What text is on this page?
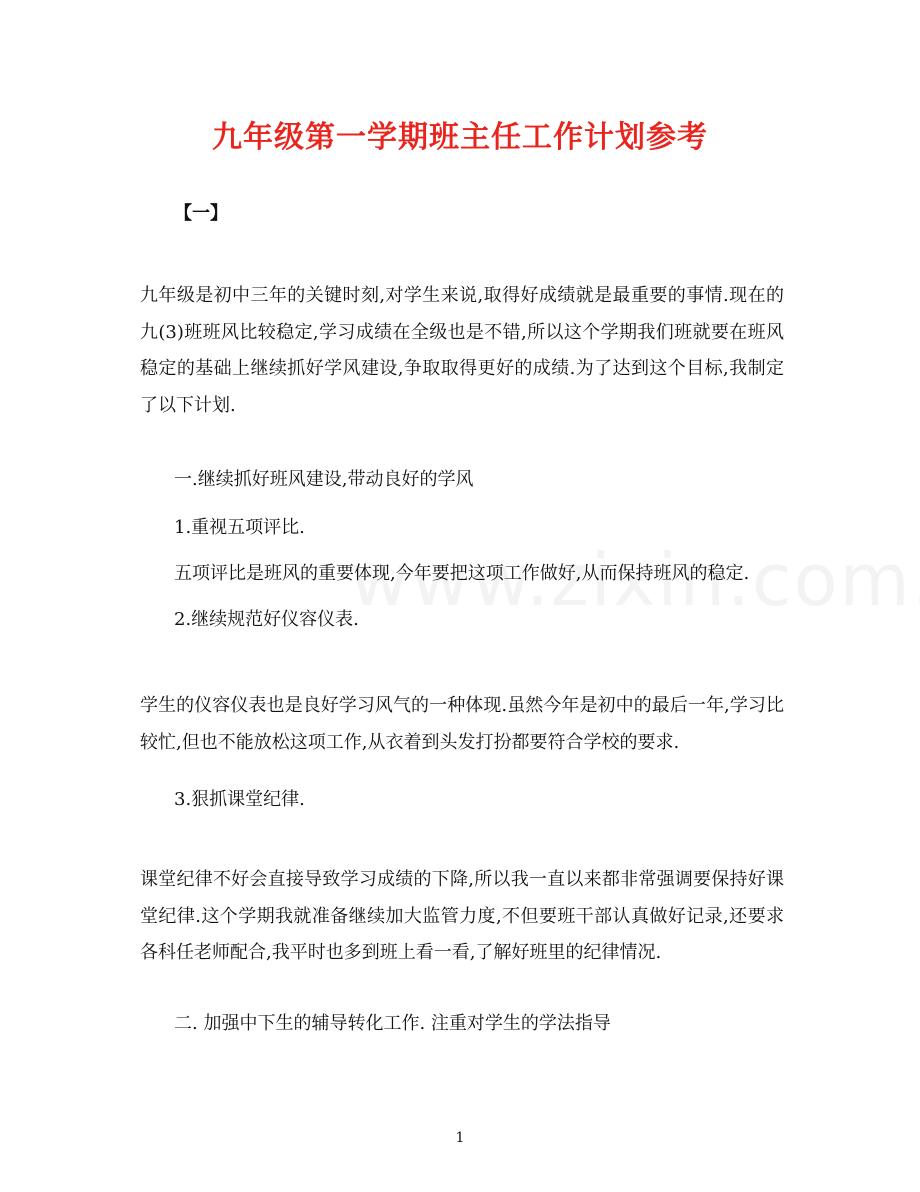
九年级第一学期班主任工作计划参考
【一】
九年级是初中三年的关键时刻,对学生来说,取得好成绩就是最重要的事情.现在的九(3)班班风比较稳定,学习成绩在全级也是不错,所以这个学期我们班就要在班风稳定的基础上继续抓好学风建设,争取取得更好的成绩.为了达到这个目标,我制定了以下计划.
一.继续抓好班风建设,带动良好的学风
1.重视五项评比.
五项评比是班风的重要体现,今年要把这项工作做好,从而保持班风的稳定.
2.继续规范好仪容仪表.
学生的仪容仪表也是良好学习风气的一种体现.虽然今年是初中的最后一年,学习比较忙,但也不能放松这项工作,从衣着到头发打扮都要符合学校的要求.
3.狠抓课堂纪律.
课堂纪律不好会直接导致学习成绩的下降,所以我一直以来都非常强调要保持好课堂纪律.这个学期我就准备继续加大监管力度,不但要班干部认真做好记录,还要求各科任老师配合,我平时也多到班上看一看,了解好班里的纪律情况.
二. 加强中下生的辅导转化工作. 注重对学生的学法指导
1
